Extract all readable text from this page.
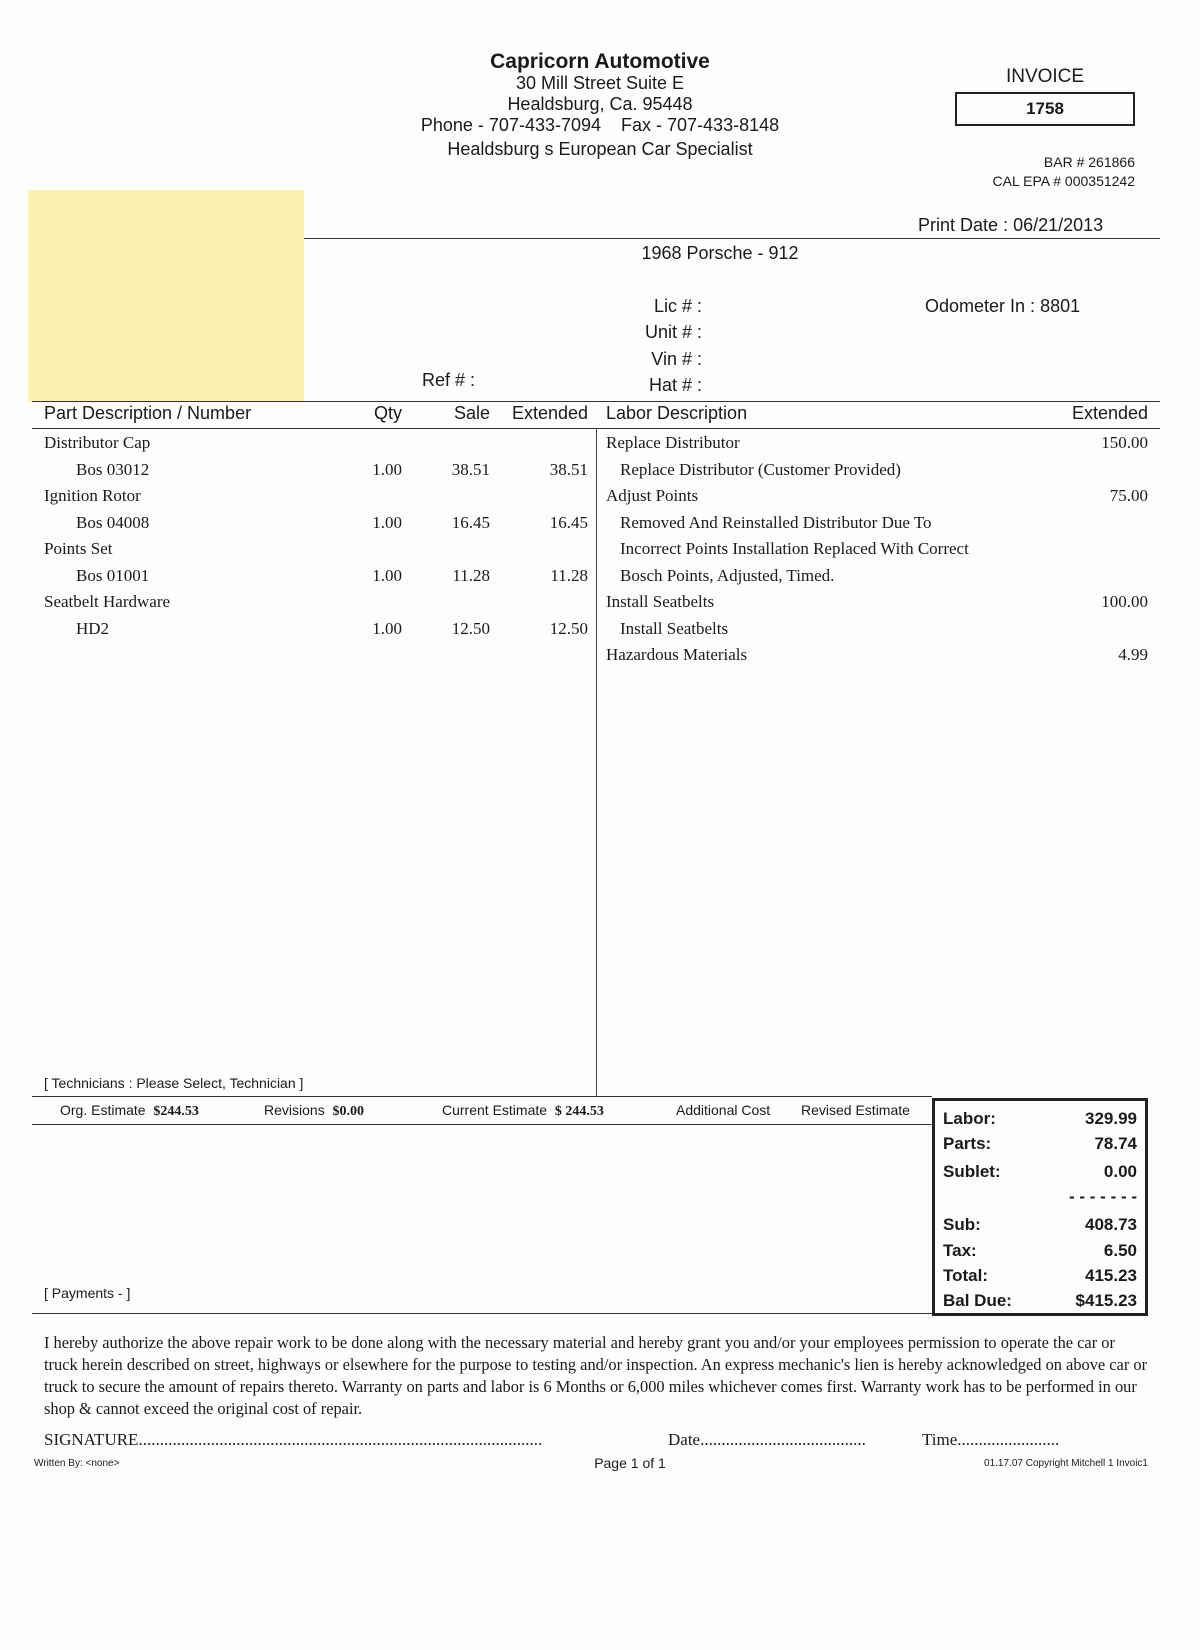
Capricorn Automotive
30 Mill Street Suite E
Healdsburg, Ca. 95448
Phone - 707-433-7094    Fax - 707-433-8148
Healdsburg s European Car Specialist
INVOICE
1758
BAR # 261866
CAL EPA # 000351242
Print Date : 06/21/2013
1968 Porsche - 912
Lic # :
Unit # :
Vin # :
Hat # :
Ref # :
Odometer In : 8801
Part Description / Number	Qty	Sale	Extended Labor Description	Extended
Distributor Cap
Bos 03012	1.00	38.51	38.51
Ignition Rotor
Bos 04008	1.00	16.45	16.45
Points Set
Bos 01001	1.00	11.28	11.28
Seatbelt Hardware
HD2	1.00	12.50	12.50
Replace Distributor	150.00
Replace Distributor (Customer Provided)
Adjust Points	75.00
Removed And Reinstalled Distributor Due To
Incorrect Points Installation Replaced With Correct
Bosch Points, Adjusted, Timed.
Install Seatbelts	100.00
Install Seatbelts
Hazardous Materials	4.99
[ Technicians : Please Select, Technician ]
Org. Estimate $244.53	Revisions $0.00	Current Estimate $ 244.53	Additional Cost Revised Estimate
[ Payments - ]
Labor:	329.99
Parts:	78.74
Sublet:	0.00
- - - - - - -
Sub:	408.73
Tax:	6.50
Total:	415.23
Bal Due:	$415.23
I hereby authorize the above repair work to be done along with the necessary material and hereby grant you and/or your employees permission to operate the car or truck herein described on street, highways or elsewhere for the purpose to testing and/or inspection. An express mechanic's lien is hereby acknowledged on above car or truck to secure the amount of repairs thereto. Warranty on parts and labor is 6 Months or 6,000 miles whichever comes first. Warranty work has to be performed in our shop & cannot exceed the original cost of repair.
SIGNATURE...............................................................................................	Date.......................................	Time........................
Written By: <none>	Page 1 of 1	01.17.07 Copyright Mitchell 1 Invoic1
